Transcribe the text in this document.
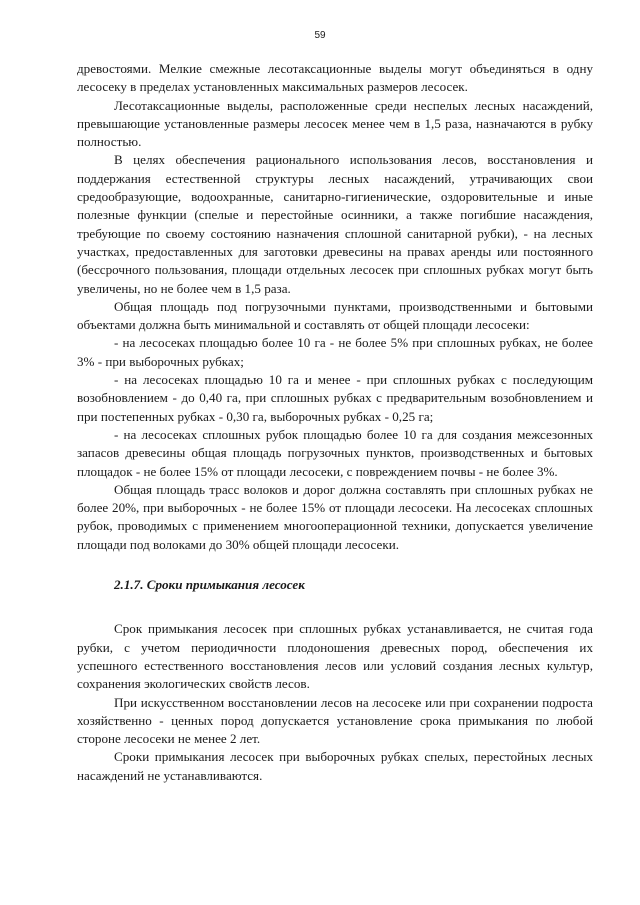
59

древостоями. Мелкие смежные лесотаксационные выделы могут объединяться в одну лесосеку в пределах установленных максимальных размеров лесосек.

Лесотаксационные выделы, расположенные среди неспелых лесных насаждений, превышающие установленные размеры лесосек менее чем в 1,5 раза, назначаются в рубку полностью.

В целях обеспечения рационального использования лесов, восстановления и поддержания естественной структуры лесных насаждений, утрачивающих свои средообразующие, водоохранные, санитарно-гигиенические, оздоровительные и иные полезные функции (спелые и перестойные осинники, а также погибшие насаждения, требующие по своему состоянию назначения сплошной санитарной рубки), - на лесных участках, предоставленных для заготовки древесины на правах аренды или постоянного (бессрочного пользования, площади отдельных лесосек при сплошных рубках могут быть увеличены, но не более чем в 1,5 раза.

Общая площадь под погрузочными пунктами, производственными и бытовыми объектами должна быть минимальной и составлять от общей площади лесосеки:

- на лесосеках площадью более 10 га - не более 5% при сплошных рубках, не более 3% - при выборочных рубках;

- на лесосеках площадью 10 га и менее - при сплошных рубках с последующим возобновлением - до 0,40 га, при сплошных рубках с предварительным возобновлением и при постепенных рубках - 0,30 га, выборочных рубках - 0,25 га;

- на лесосеках сплошных рубок площадью более 10 га для создания межсезонных запасов древесины общая площадь погрузочных пунктов, производственных и бытовых площадок - не более 15% от площади лесосеки, с повреждением почвы - не более 3%.

Общая площадь трасс волоков и дорог должна составлять при сплошных рубках не более 20%, при выборочных - не более 15% от площади лесосеки. На лесосеках сплошных рубок, проводимых с применением многооперационной техники, допускается увеличение площади под волоками до 30% общей площади лесосеки.

2.1.7. Сроки примыкания лесосек

Срок примыкания лесосек при сплошных рубках устанавливается, не считая года рубки, с учетом периодичности плодоношения древесных пород, обеспечения их успешного естественного восстановления лесов или условий создания лесных культур, сохранения экологических свойств лесов.

При искусственном восстановлении лесов на лесосеке или при сохранении подроста хозяйственно - ценных пород допускается установление срока примыкания по любой стороне лесосеки не менее 2 лет.

Сроки примыкания лесосек при выборочных рубках спелых, перестойных лесных насаждений не устанавливаются.
